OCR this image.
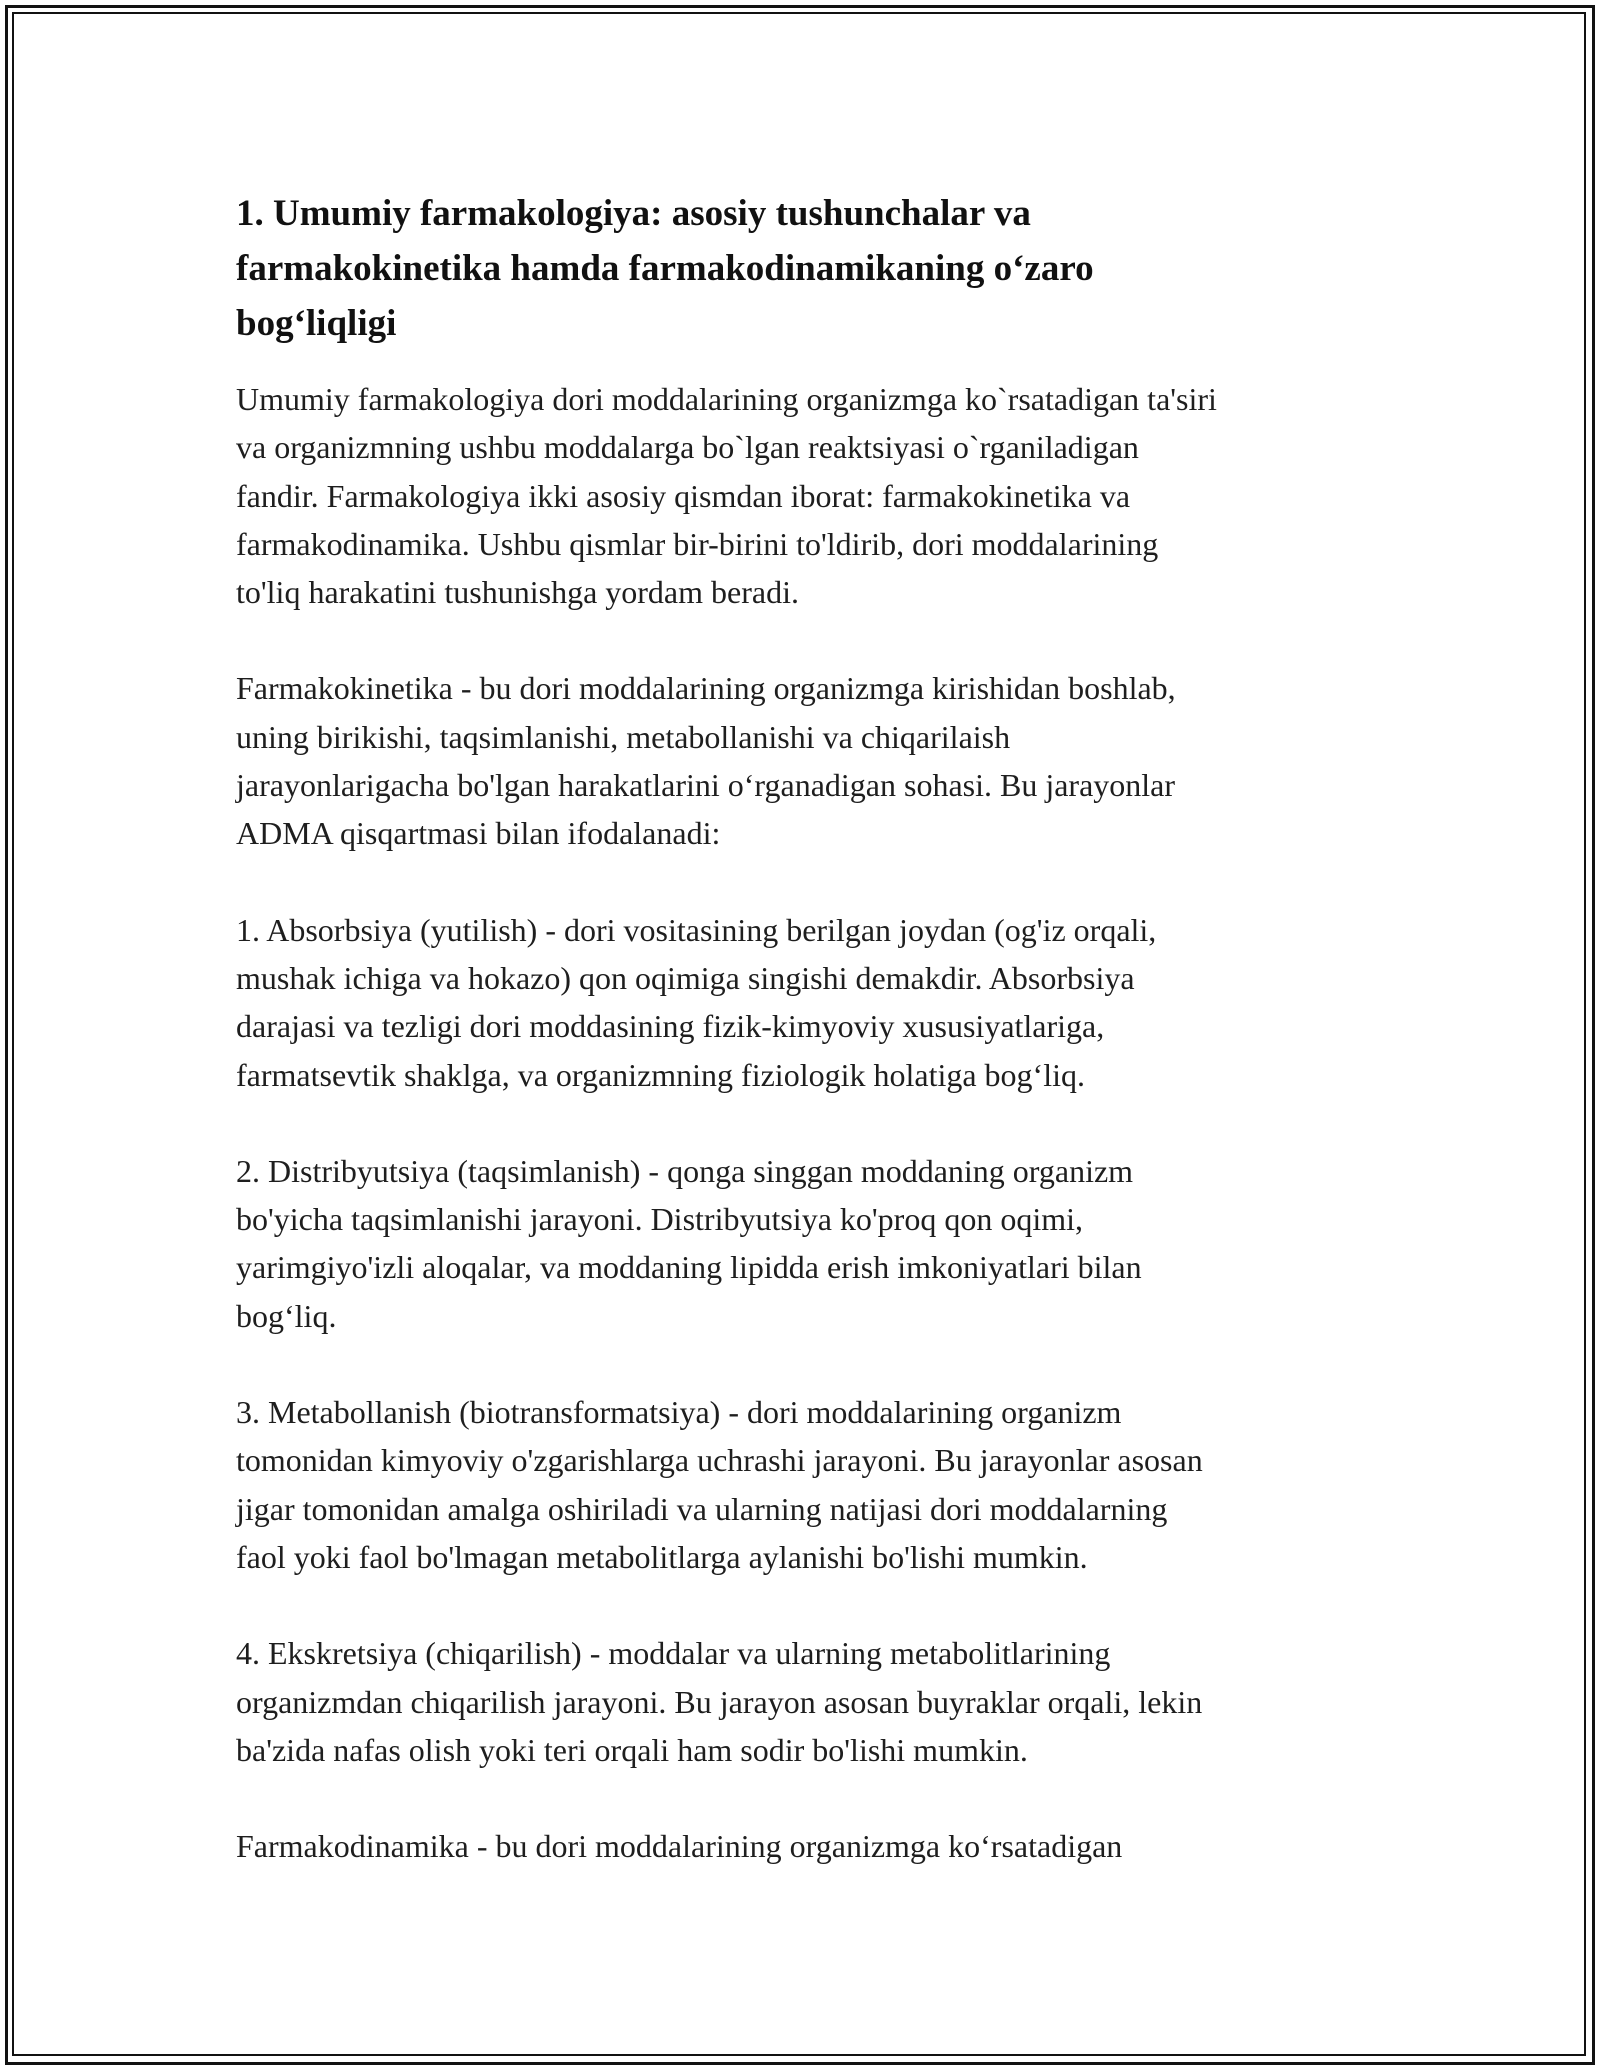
1. Umumiy farmakologiya: asosiy tushunchalar va
farmakokinetika hamda farmakodinamikaning o‘zaro
bog‘liqligi
Umumiy farmakologiya dori moddalarining organizmga ko`rsatadigan ta'siri
va organizmning ushbu moddalarga bo`lgan reaktsiyasi o`rganiladigan
fandir. Farmakologiya ikki asosiy qismdan iborat: farmakokinetika va
farmakodinamika. Ushbu qismlar bir-birini to'ldirib, dori moddalarining
to'liq harakatini tushunishga yordam beradi.
Farmakokinetika - bu dori moddalarining organizmga kirishidan boshlab,
uning birikishi, taqsimlanishi, metabollanishi va chiqarilaish
jarayonlarigacha bo'lgan harakatlarini o‘rganadigan sohasi. Bu jarayonlar
ADMA qisqartmasi bilan ifodalanadi:
1. Absorbsiya (yutilish) - dori vositasining berilgan joydan (og'iz orqali,
mushak ichiga va hokazo) qon oqimiga singishi demakdir. Absorbsiya
darajasi va tezligi dori moddasining fizik-kimyoviy xususiyatlariga,
farmatsevtik shaklga, va organizmning fiziologik holatiga bog‘liq.
2. Distribyutsiya (taqsimlanish) - qonga singgan moddaning organizm
bo'yicha taqsimlanishi jarayoni. Distribyutsiya ko'proq qon oqimi,
yarimgiyo'izli aloqalar, va moddaning lipidda erish imkoniyatlari bilan
bog‘liq.
3. Metabollanish (biotransformatsiya) - dori moddalarining organizm
tomonidan kimyoviy o'zgarishlarga uchrashi jarayoni. Bu jarayonlar asosan
jigar tomonidan amalga oshiriladi va ularning natijasi dori moddalarning
faol yoki faol bo'lmagan metabolitlarga aylanishi bo'lishi mumkin.
4. Ekskretsiya (chiqarilish) - moddalar va ularning metabolitlarining
organizmdan chiqarilish jarayoni. Bu jarayon asosan buyraklar orqali, lekin
ba'zida nafas olish yoki teri orqali ham sodir bo'lishi mumkin.
Farmakodinamika - bu dori moddalarining organizmga ko‘rsatadigan
